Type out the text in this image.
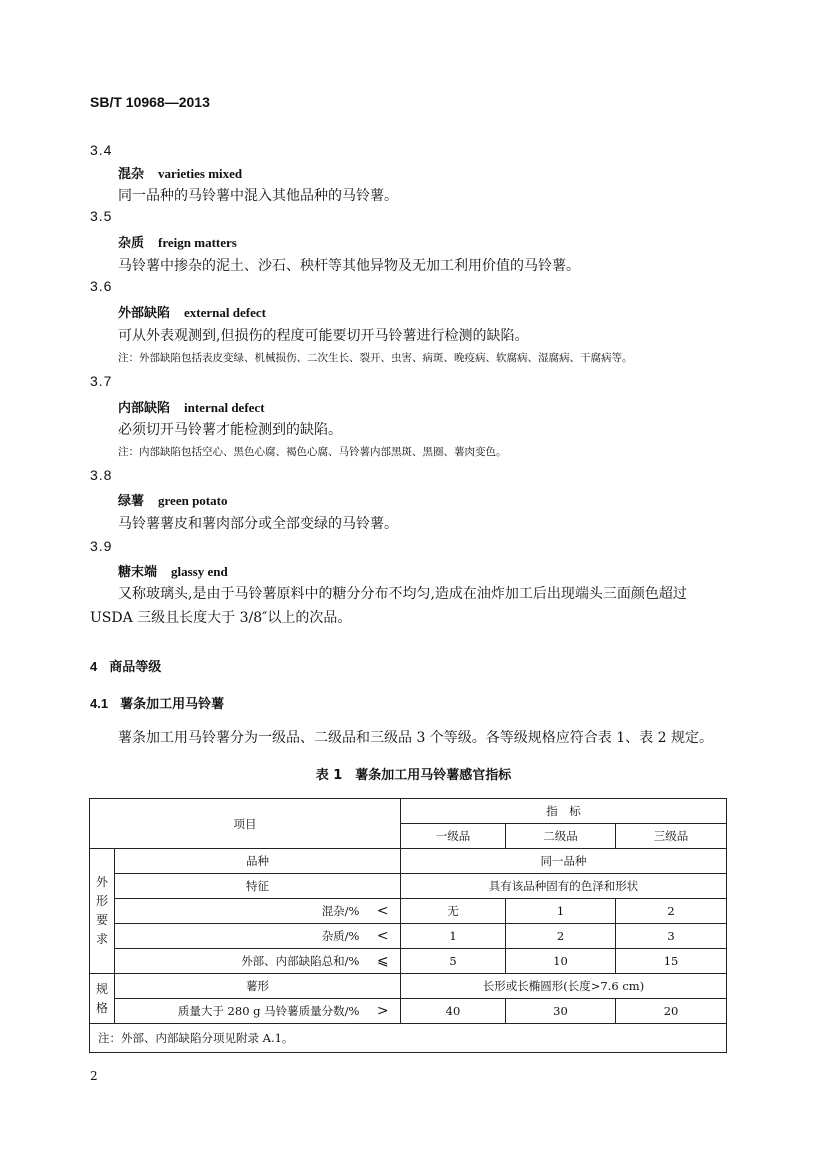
SB/T 10968—2013
3.4
混杂 varieties mixed
同一品种的马铃薯中混入其他品种的马铃薯。
3.5
杂质 freign matters
马铃薯中掺杂的泥土、沙石、秧杆等其他异物及无加工利用价值的马铃薯。
3.6
外部缺陷 external defect
可从外表观测到,但损伤的程度可能要切开马铃薯进行检测的缺陷。
注：外部缺陷包括表皮变绿、机械损伤、二次生长、裂开、虫害、病斑、晚疫病、软腐病、湿腐病、干腐病等。
3.7
内部缺陷 internal defect
必须切开马铃薯才能检测到的缺陷。
注：内部缺陷包括空心、黑色心腐、褐色心腐、马铃薯内部黑斑、黑圈、薯肉变色。
3.8
绿薯 green potato
马铃薯薯皮和薯肉部分或全部变绿的马铃薯。
3.9
糖末端 glassy end
又称玻璃头,是由于马铃薯原料中的糖分分布不均匀,造成在油炸加工后出现端头三面颜色超过
USDA 三级且长度大于 3/8″以上的次品。
4 商品等级
4.1 薯条加工用马铃薯
薯条加工用马铃薯分为一级品、二级品和三级品 3 个等级。各等级规格应符合表 1、表 2 规定。
表 1　薯条加工用马铃薯感官指标
项目			指　标		
			一级品	二级品	三级品
外
形
要
求	品种		同一品种		
	特征		具有该品种固有的色泽和形状		
	混杂/%	<	无	1	2
	杂质/%	<	1	2	3
	外部、内部缺陷总和/%	⩽	5	10	15
规
格	薯形		长形或长椭圆形(长度>7.6 cm)		
	质量大于 280 g 马铃薯质量分数/%	>	40	30	20
注：外部、内部缺陷分项见附录 A.1。					
2
